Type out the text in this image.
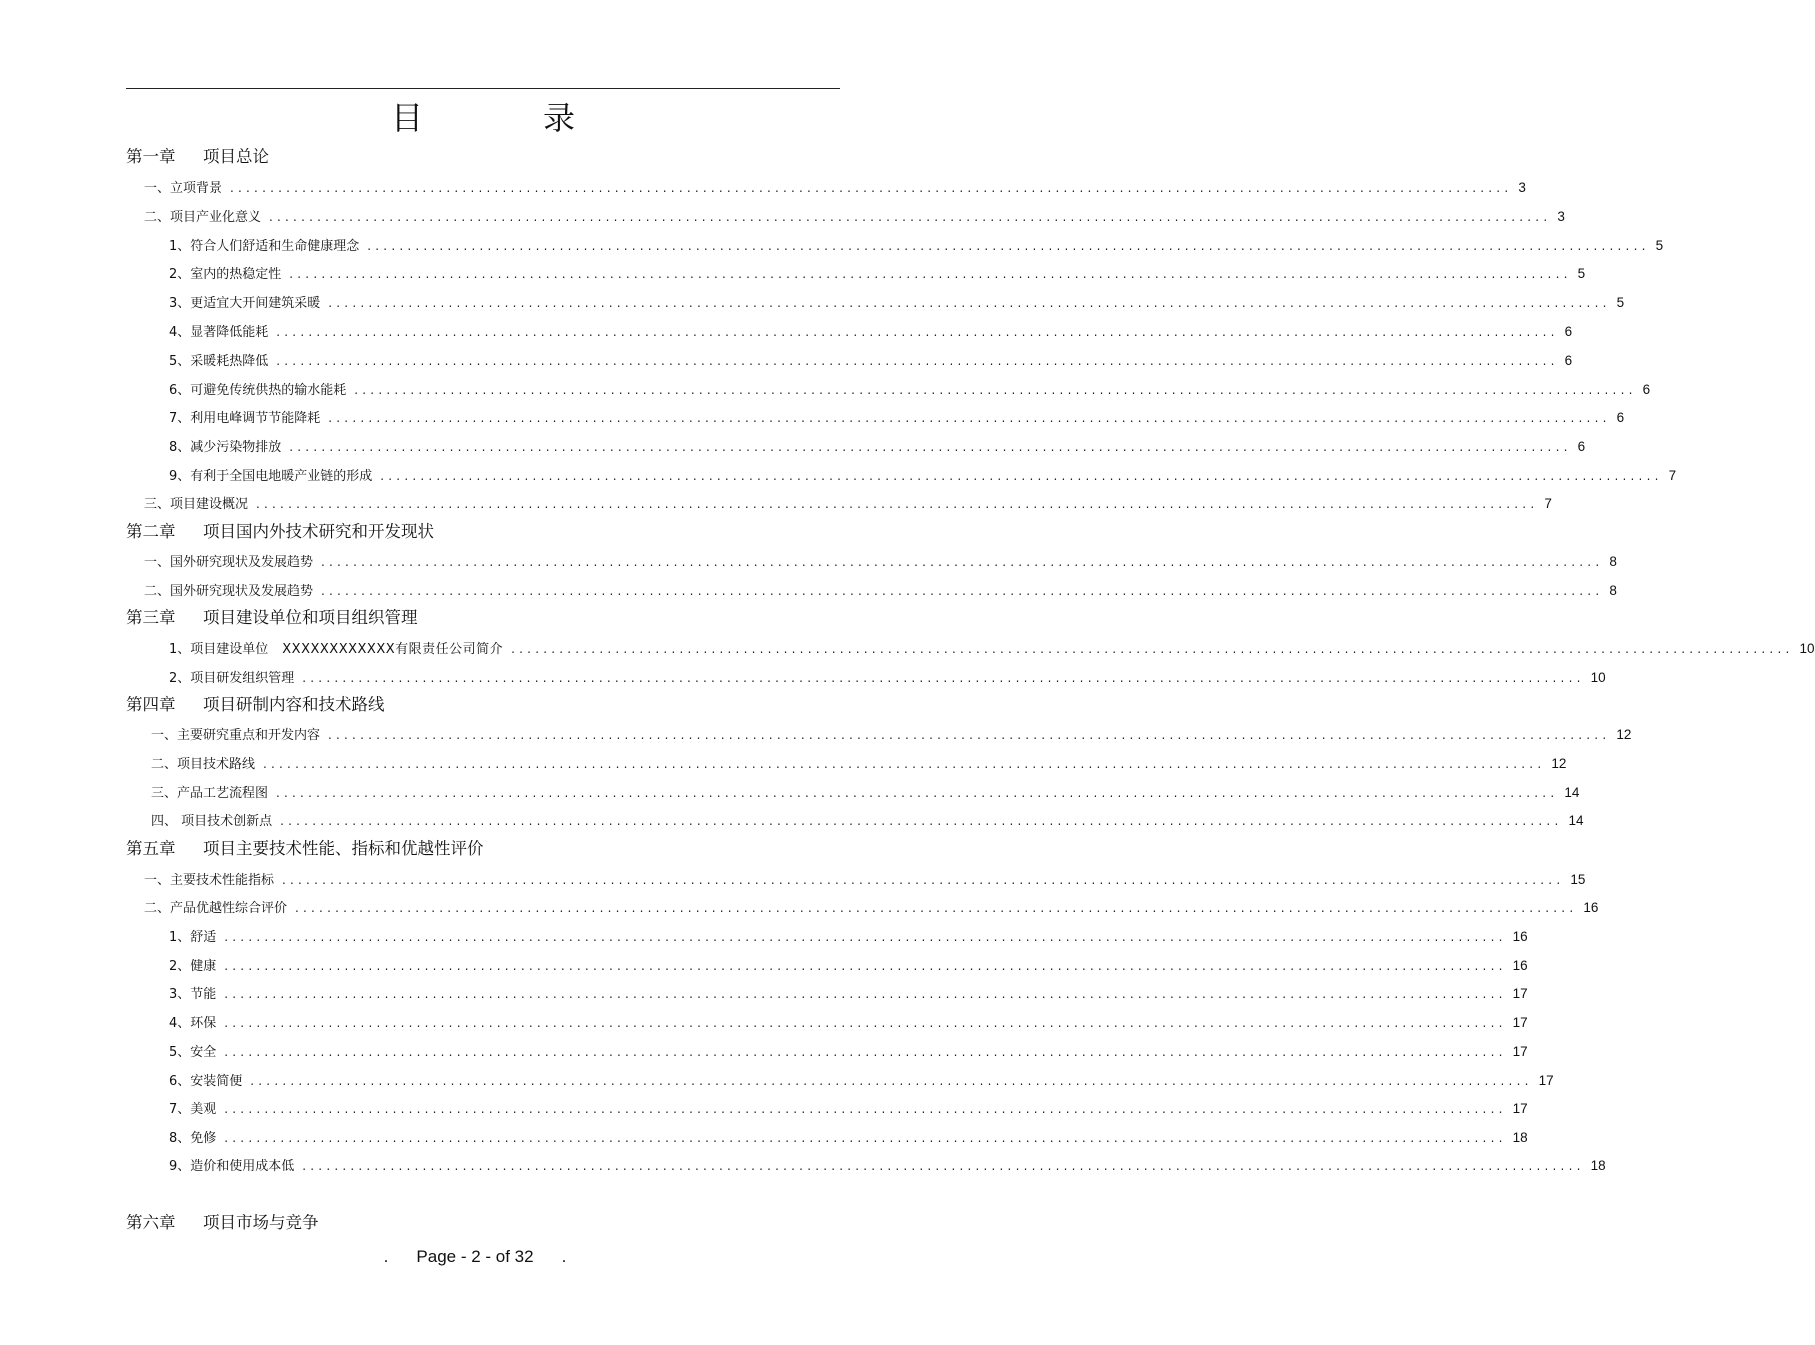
目	录
第一章 项目总论
一、立项背景 ................................................................................................................................................................ 3
二、项目产业化意义 ................................................................................................................................................................ 3
1、符合人们舒适和生命健康理念 ................................................................................................................................................................ 5
2、室内的热稳定性 ................................................................................................................................................................ 5
3、更适宜大开间建筑采暖 ................................................................................................................................................................ 5
4、显著降低能耗 ................................................................................................................................................................ 6
5、采暖耗热降低 ................................................................................................................................................................ 6
6、可避免传统供热的输水能耗 ................................................................................................................................................................ 6
7、利用电峰调节节能降耗 ................................................................................................................................................................ 6
8、减少污染物排放 ................................................................................................................................................................ 6
9、有利于全国电地暖产业链的形成 ................................................................................................................................................................ 7
三、项目建设概况 ................................................................................................................................................................ 7
第二章 项目国内外技术研究和开发现状
一、国外研究现状及发展趋势 ................................................................................................................................................................ 8
二、国外研究现状及发展趋势 ................................................................................................................................................................ 8
第三章 项目建设单位和项目组织管理
1、项目建设单位 XXXXXXXXXXXX有限责任公司简介 ................................................................................................................................................................ 10
2、项目研发组织管理 ................................................................................................................................................................ 10
第四章 项目研制内容和技术路线
一、主要研究重点和开发内容 ................................................................................................................................................................ 12
二、项目技术路线 ................................................................................................................................................................ 12
三、产品工艺流程图 ................................................................................................................................................................ 14
四、 项目技术创新点 ................................................................................................................................................................ 14
第五章 项目主要技术性能、指标和优越性评价
一、主要技术性能指标 ................................................................................................................................................................ 15
二、产品优越性综合评价 ................................................................................................................................................................ 16
1、舒适 ................................................................................................................................................................ 16
2、健康 ................................................................................................................................................................ 16
3、节能 ................................................................................................................................................................ 17
4、环保 ................................................................................................................................................................ 17
5、安全 ................................................................................................................................................................ 17
6、安装简便 ................................................................................................................................................................ 17
7、美观 ................................................................................................................................................................ 17
8、免修 ................................................................................................................................................................ 18
9、造价和使用成本低 ................................................................................................................................................................ 18
第六章 项目市场与竞争
. Page - 2 - of 32 .
